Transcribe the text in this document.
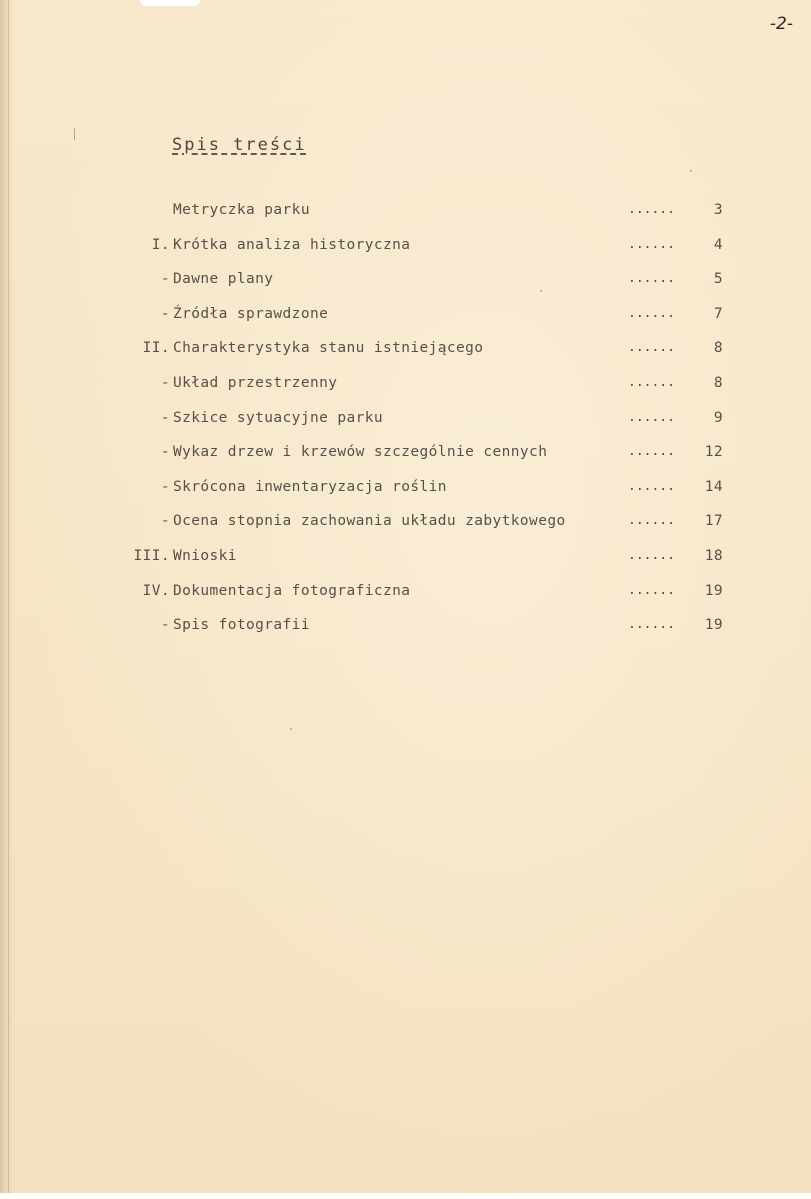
-2-
Spis treści
Metryczka parku	......	3
I. Krótka analiza historyczna	......	4
- Dawne plany	......	5
- Źródła sprawdzone	......	7
II. Charakterystyka stanu istniejącego	......	8
- Układ przestrzenny	......	8
- Szkice sytuacyjne parku	......	9
- Wykaz drzew i krzewów szczególnie cennych	......	12
- Skrócona inwentaryzacja roślin	......	14
- Ocena stopnia zachowania układu zabytkowego	......	17
III. Wnioski	......	18
IV. Dokumentacja fotograficzna	......	19
- Spis fotografii	......	19
